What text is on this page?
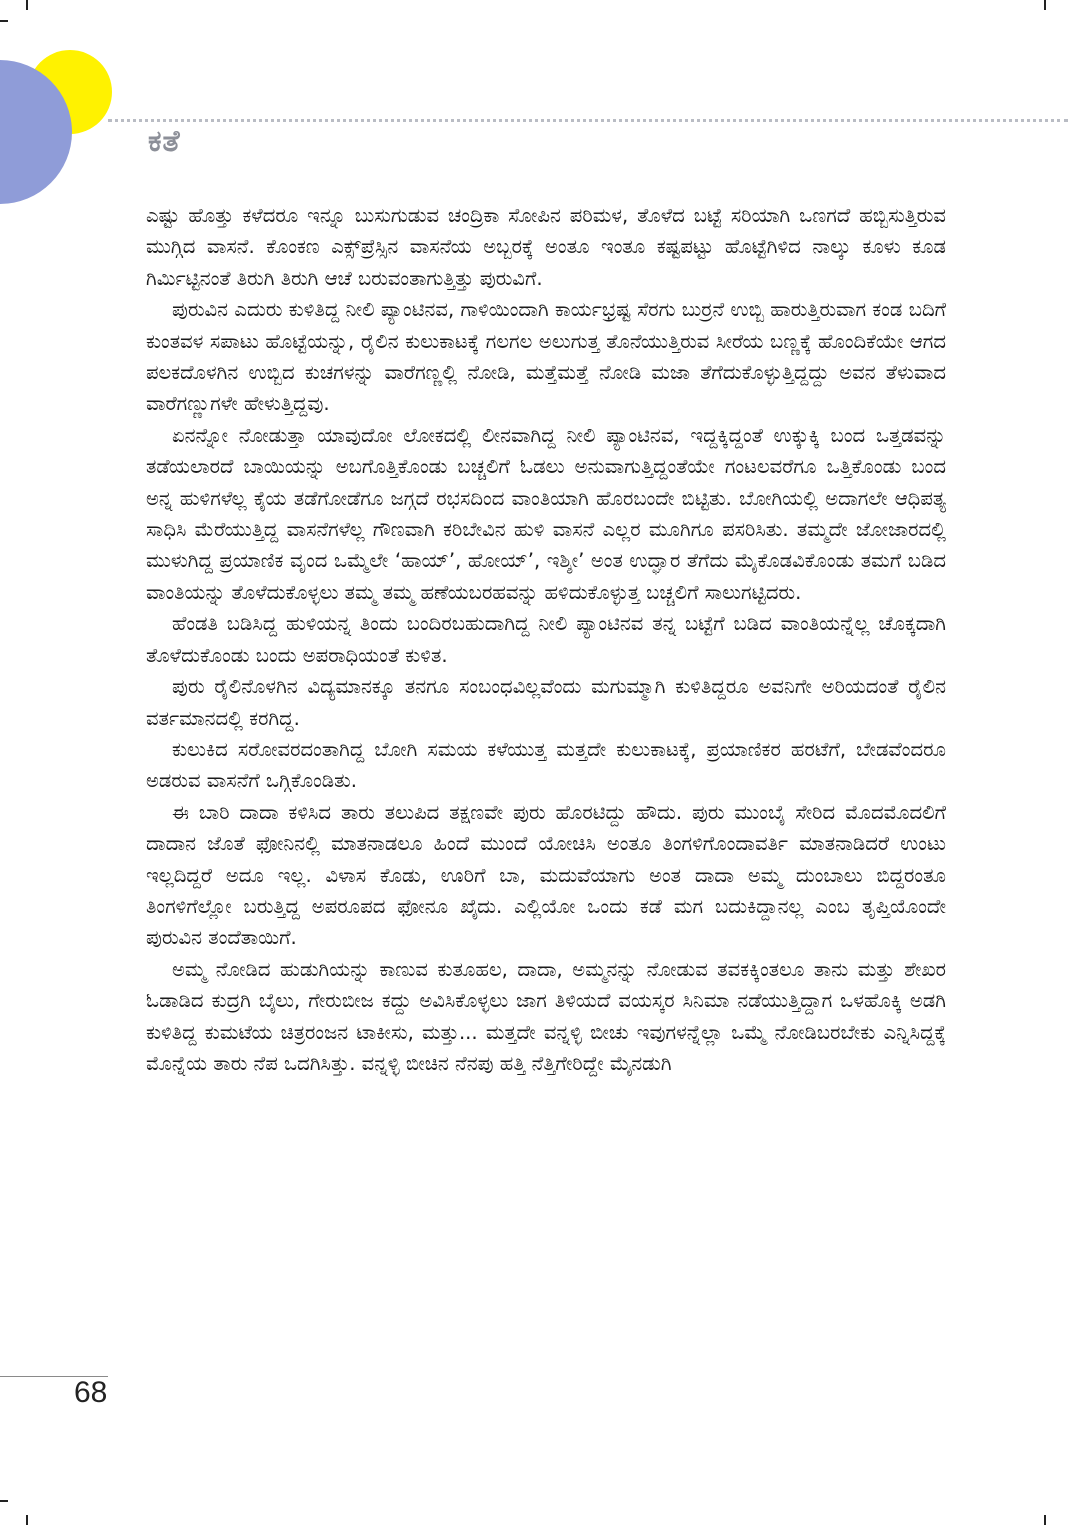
ಕತೆ

ಎಷ್ಟು ಹೊತ್ತು ಕಳೆದರೂ ಇನ್ನೂ ಬುಸುಗುಡುವ ಚಂದ್ರಿಕಾ ಸೋಪಿನ ಪರಿಮಳ, ತೊಳೆದ ಬಟ್ಟೆ ಸರಿಯಾಗಿ ಒಣಗದೆ ಹಬ್ಬಿಸುತ್ತಿರುವ ಮುಗ್ಗಿದ ವಾಸನೆ. ಕೊಂಕಣ ಎಕ್ಸ್‌ಪ್ರೆಸ್ಸಿನ ವಾಸನೆಯ ಅಬ್ಬರಕ್ಕೆ ಅಂತೂ ಇಂತೂ ಕಷ್ಟಪಟ್ಟು ಹೊಟ್ಟೆಗಿಳಿದ ನಾಲ್ಕು ಕೂಳು ಕೂಡ ಗಿರ್ಮಿಟ್ಟಿನಂತೆ ತಿರುಗಿ ತಿರುಗಿ ಆಚೆ ಬರುವಂತಾಗುತ್ತಿತ್ತು ಪುರುವಿಗೆ.

ಪುರುವಿನ ಎದುರು ಕುಳಿತಿದ್ದ ನೀಲಿ ಪ್ಯಾಂಟಿನವ, ಗಾಳಿಯಿಂದಾಗಿ ಕಾರ್ಯಭ್ರಷ್ಟ ಸೆರಗು ಬುರ್ರನೆ ಉಬ್ಬಿ ಹಾರುತ್ತಿರುವಾಗ ಕಂಡ ಬದಿಗೆ ಕುಂತವಳ ಸಪಾಟು ಹೊಟ್ಟೆಯನ್ನು, ರೈಲಿನ ಕುಲುಕಾಟಕ್ಕೆ ಗಲಗಲ ಅಲುಗುತ್ತ ತೊನೆಯುತ್ತಿರುವ ಸೀರೆಯ ಬಣ್ಣಕ್ಕೆ ಹೊಂದಿಕೆಯೇ ಆಗದ ಪಲಕದೊಳಗಿನ ಉಬ್ಬಿದ ಕುಚಗಳನ್ನು ವಾರೆಗಣ್ಣಲ್ಲಿ ನೋಡಿ, ಮತ್ತೆಮತ್ತೆ ನೋಡಿ ಮಜಾ ತೆಗೆದುಕೊಳ್ಳುತ್ತಿದ್ದದ್ದು ಅವನ ತೆಳುವಾದ ವಾರೆಗಣ್ಣುಗಳೇ ಹೇಳುತ್ತಿದ್ದವು.

ಏನನ್ನೋ ನೋಡುತ್ತಾ ಯಾವುದೋ ಲೋಕದಲ್ಲಿ ಲೀನವಾಗಿದ್ದ ನೀಲಿ ಪ್ಯಾಂಟಿನವ, ಇದ್ದಕ್ಕಿದ್ದಂತೆ ಉಕ್ಕುಕ್ಕಿ ಬಂದ ಒತ್ತಡವನ್ನು ತಡೆಯಲಾರದೆ ಬಾಯಿಯನ್ನು ಅಬಗೊತ್ತಿಕೊಂಡು ಬಚ್ಚಲಿಗೆ ಓಡಲು ಅನುವಾಗುತ್ತಿದ್ದಂತೆಯೇ ಗಂಟಲವರೆಗೂ ಒತ್ತಿಕೊಂಡು ಬಂದ ಅನ್ನ ಹುಳಿಗಳೆಲ್ಲ ಕೈಯ ತಡೆಗೋಡೆಗೂ ಜಗ್ಗದೆ ರಭಸದಿಂದ ವಾಂತಿಯಾಗಿ ಹೊರಬಂದೇ ಬಿಟ್ಟಿತು. ಬೋಗಿಯಲ್ಲಿ ಅದಾಗಲೇ ಆಧಿಪತ್ಯ ಸಾಧಿಸಿ ಮೆರೆಯುತ್ತಿದ್ದ ವಾಸನೆಗಳೆಲ್ಲ ಗೌಣವಾಗಿ ಕರಿಬೇವಿನ ಹುಳಿ ವಾಸನೆ ಎಲ್ಲರ ಮೂಗಿಗೂ ಪಸರಿಸಿತು. ತಮ್ಮದೇ ಜೋಜಾರದಲ್ಲಿ ಮುಳುಗಿದ್ದ ಪ್ರಯಾಣಿಕ ವೃಂದ ಒಮ್ಮೆಲೇ ‘ಹಾಯ್’, ಹೋಯ್’, ಇಶ್ಶೀ’ ಅಂತ ಉದ್ಘಾರ ತೆಗೆದು ಮೈಕೊಡವಿಕೊಂಡು ತಮಗೆ ಬಡಿದ ವಾಂತಿಯನ್ನು ತೊಳೆದುಕೊಳ್ಳಲು ತಮ್ಮ ತಮ್ಮ ಹಣೆಯಬರಹವನ್ನು ಹಳಿದುಕೊಳ್ಳುತ್ತ ಬಚ್ಚಲಿಗೆ ಸಾಲುಗಟ್ಟಿದರು.

ಹೆಂಡತಿ ಬಡಿಸಿದ್ದ ಹುಳಿಯನ್ನ ತಿಂದು ಬಂದಿರಬಹುದಾಗಿದ್ದ ನೀಲಿ ಪ್ಯಾಂಟಿನವ ತನ್ನ ಬಟ್ಟೆಗೆ ಬಡಿದ ವಾಂತಿಯನ್ನೆಲ್ಲ ಚೊಕ್ಕದಾಗಿ ತೊಳೆದುಕೊಂಡು ಬಂದು ಅಪರಾಧಿಯಂತೆ ಕುಳಿತ.

ಪುರು ರೈಲಿನೊಳಗಿನ ವಿದ್ಯಮಾನಕ್ಕೂ ತನಗೂ ಸಂಬಂಧವಿಲ್ಲವೆಂದು ಮಗುಮ್ಮಾಗಿ ಕುಳಿತಿದ್ದರೂ ಅವನಿಗೇ ಅರಿಯದಂತೆ ರೈಲಿನ ವರ್ತಮಾನದಲ್ಲಿ ಕರಗಿದ್ದ.

ಕುಲುಕಿದ ಸರೋವರದಂತಾಗಿದ್ದ ಬೋಗಿ ಸಮಯ ಕಳೆಯುತ್ತ ಮತ್ತದೇ ಕುಲುಕಾಟಕ್ಕೆ, ಪ್ರಯಾಣಿಕರ ಹರಟೆಗೆ, ಬೇಡವೆಂದರೂ ಅಡರುವ ವಾಸನೆಗೆ ಒಗ್ಗಿಕೊಂಡಿತು.

ಈ ಬಾರಿ ದಾದಾ ಕಳಿಸಿದ ತಾರು ತಲುಪಿದ ತಕ್ಷಣವೇ ಪುರು ಹೊರಟಿದ್ದು ಹೌದು. ಪುರು ಮುಂಬೈ ಸೇರಿದ ಮೊದಮೊದಲಿಗೆ ದಾದಾನ ಜೊತೆ ಫೋನಿನಲ್ಲಿ ಮಾತನಾಡಲೂ ಹಿಂದೆ ಮುಂದೆ ಯೋಚಿಸಿ ಅಂತೂ ತಿಂಗಳಿಗೊಂದಾವರ್ತಿ ಮಾತನಾಡಿದರೆ ಉಂಟು ಇಲ್ಲದಿದ್ದರೆ ಅದೂ ಇಲ್ಲ. ವಿಳಾಸ ಕೊಡು, ಊರಿಗೆ ಬಾ, ಮದುವೆಯಾಗು ಅಂತ ದಾದಾ ಅಮ್ಮ ದುಂಬಾಲು ಬಿದ್ದರಂತೂ ತಿಂಗಳಿಗೆಲ್ಲೋ ಬರುತ್ತಿದ್ದ ಅಪರೂಪದ ಫೋನೂ ಖೈದು. ಎಲ್ಲಿಯೋ ಒಂದು ಕಡೆ ಮಗ ಬದುಕಿದ್ದಾನಲ್ಲ ಎಂಬ ತೃಪ್ತಿಯೊಂದೇ ಪುರುವಿನ ತಂದೆತಾಯಿಗೆ.

ಅಮ್ಮ ನೋಡಿದ ಹುಡುಗಿಯನ್ನು ಕಾಣುವ ಕುತೂಹಲ, ದಾದಾ, ಅಮ್ಮನನ್ನು ನೋಡುವ ತವಕಕ್ಕಿಂತಲೂ ತಾನು ಮತ್ತು ಶೇಖರ ಓಡಾಡಿದ ಕುದ್ರಗಿ ಬೈಲು, ಗೇರುಬೀಜ ಕದ್ದು ಅವಿಸಿಕೊಳ್ಳಲು ಜಾಗ ತಿಳಿಯದೆ ವಯಸ್ಕರ ಸಿನಿಮಾ ನಡೆಯುತ್ತಿದ್ದಾಗ ಒಳಹೊಕ್ಕಿ ಅಡಗಿ ಕುಳಿತಿದ್ದ ಕುಮಟೆಯ ಚಿತ್ರರಂಜನ ಟಾಕೀಸು, ಮತ್ತು... ಮತ್ತದೇ ವನ್ನಳ್ಳಿ ಬೀಚು ಇವುಗಳನ್ನೆಲ್ಲಾ ಒಮ್ಮೆ ನೋಡಿಬರಬೇಕು ಎನ್ನಿಸಿದ್ದಕ್ಕೆ ಮೊನ್ನೆಯ ತಾರು ನೆಪ ಒದಗಿಸಿತ್ತು. ವನ್ನಳ್ಳಿ ಬೀಚಿನ ನೆನಪು ಹತ್ತಿ ನೆತ್ತಿಗೇರಿದ್ದೇ ಮೈನಡುಗಿ

68
